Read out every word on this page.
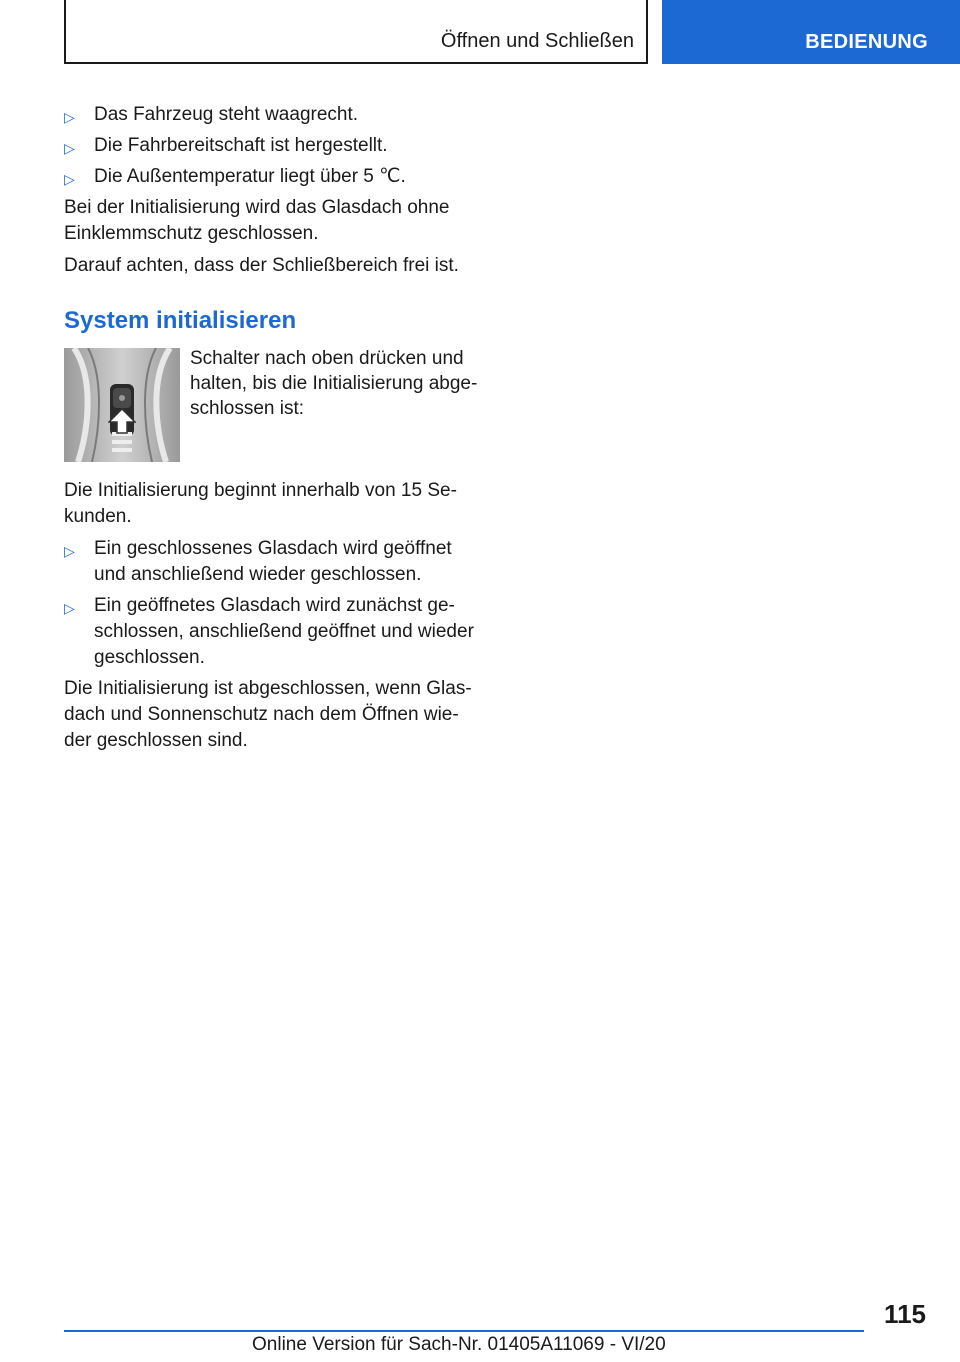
Öffnen und Schließen	BEDIENUNG
▷ Das Fahrzeug steht waagrecht.
▷ Die Fahrbereitschaft ist hergestellt.
▷ Die Außentemperatur liegt über 5 ℃.

Bei der Initialisierung wird das Glasdach ohne Einklemmschutz geschlossen.

Darauf achten, dass der Schließbereich frei ist.

System initialisieren
Schalter nach oben drücken und halten, bis die Initialisierung abge-schlossen ist:

Die Initialisierung beginnt innerhalb von 15 Se-kunden.

▷ Ein geschlossenes Glasdach wird geöffnet und anschließend wieder geschlossen.
▷ Ein geöffnetes Glasdach wird zunächst ge-schlossen, anschließend geöffnet und wieder geschlossen.

Die Initialisierung ist abgeschlossen, wenn Glas-dach und Sonnenschutz nach dem Öffnen wie-der geschlossen sind.

115
Online Version für Sach-Nr. 01405A11069 - VI/20
